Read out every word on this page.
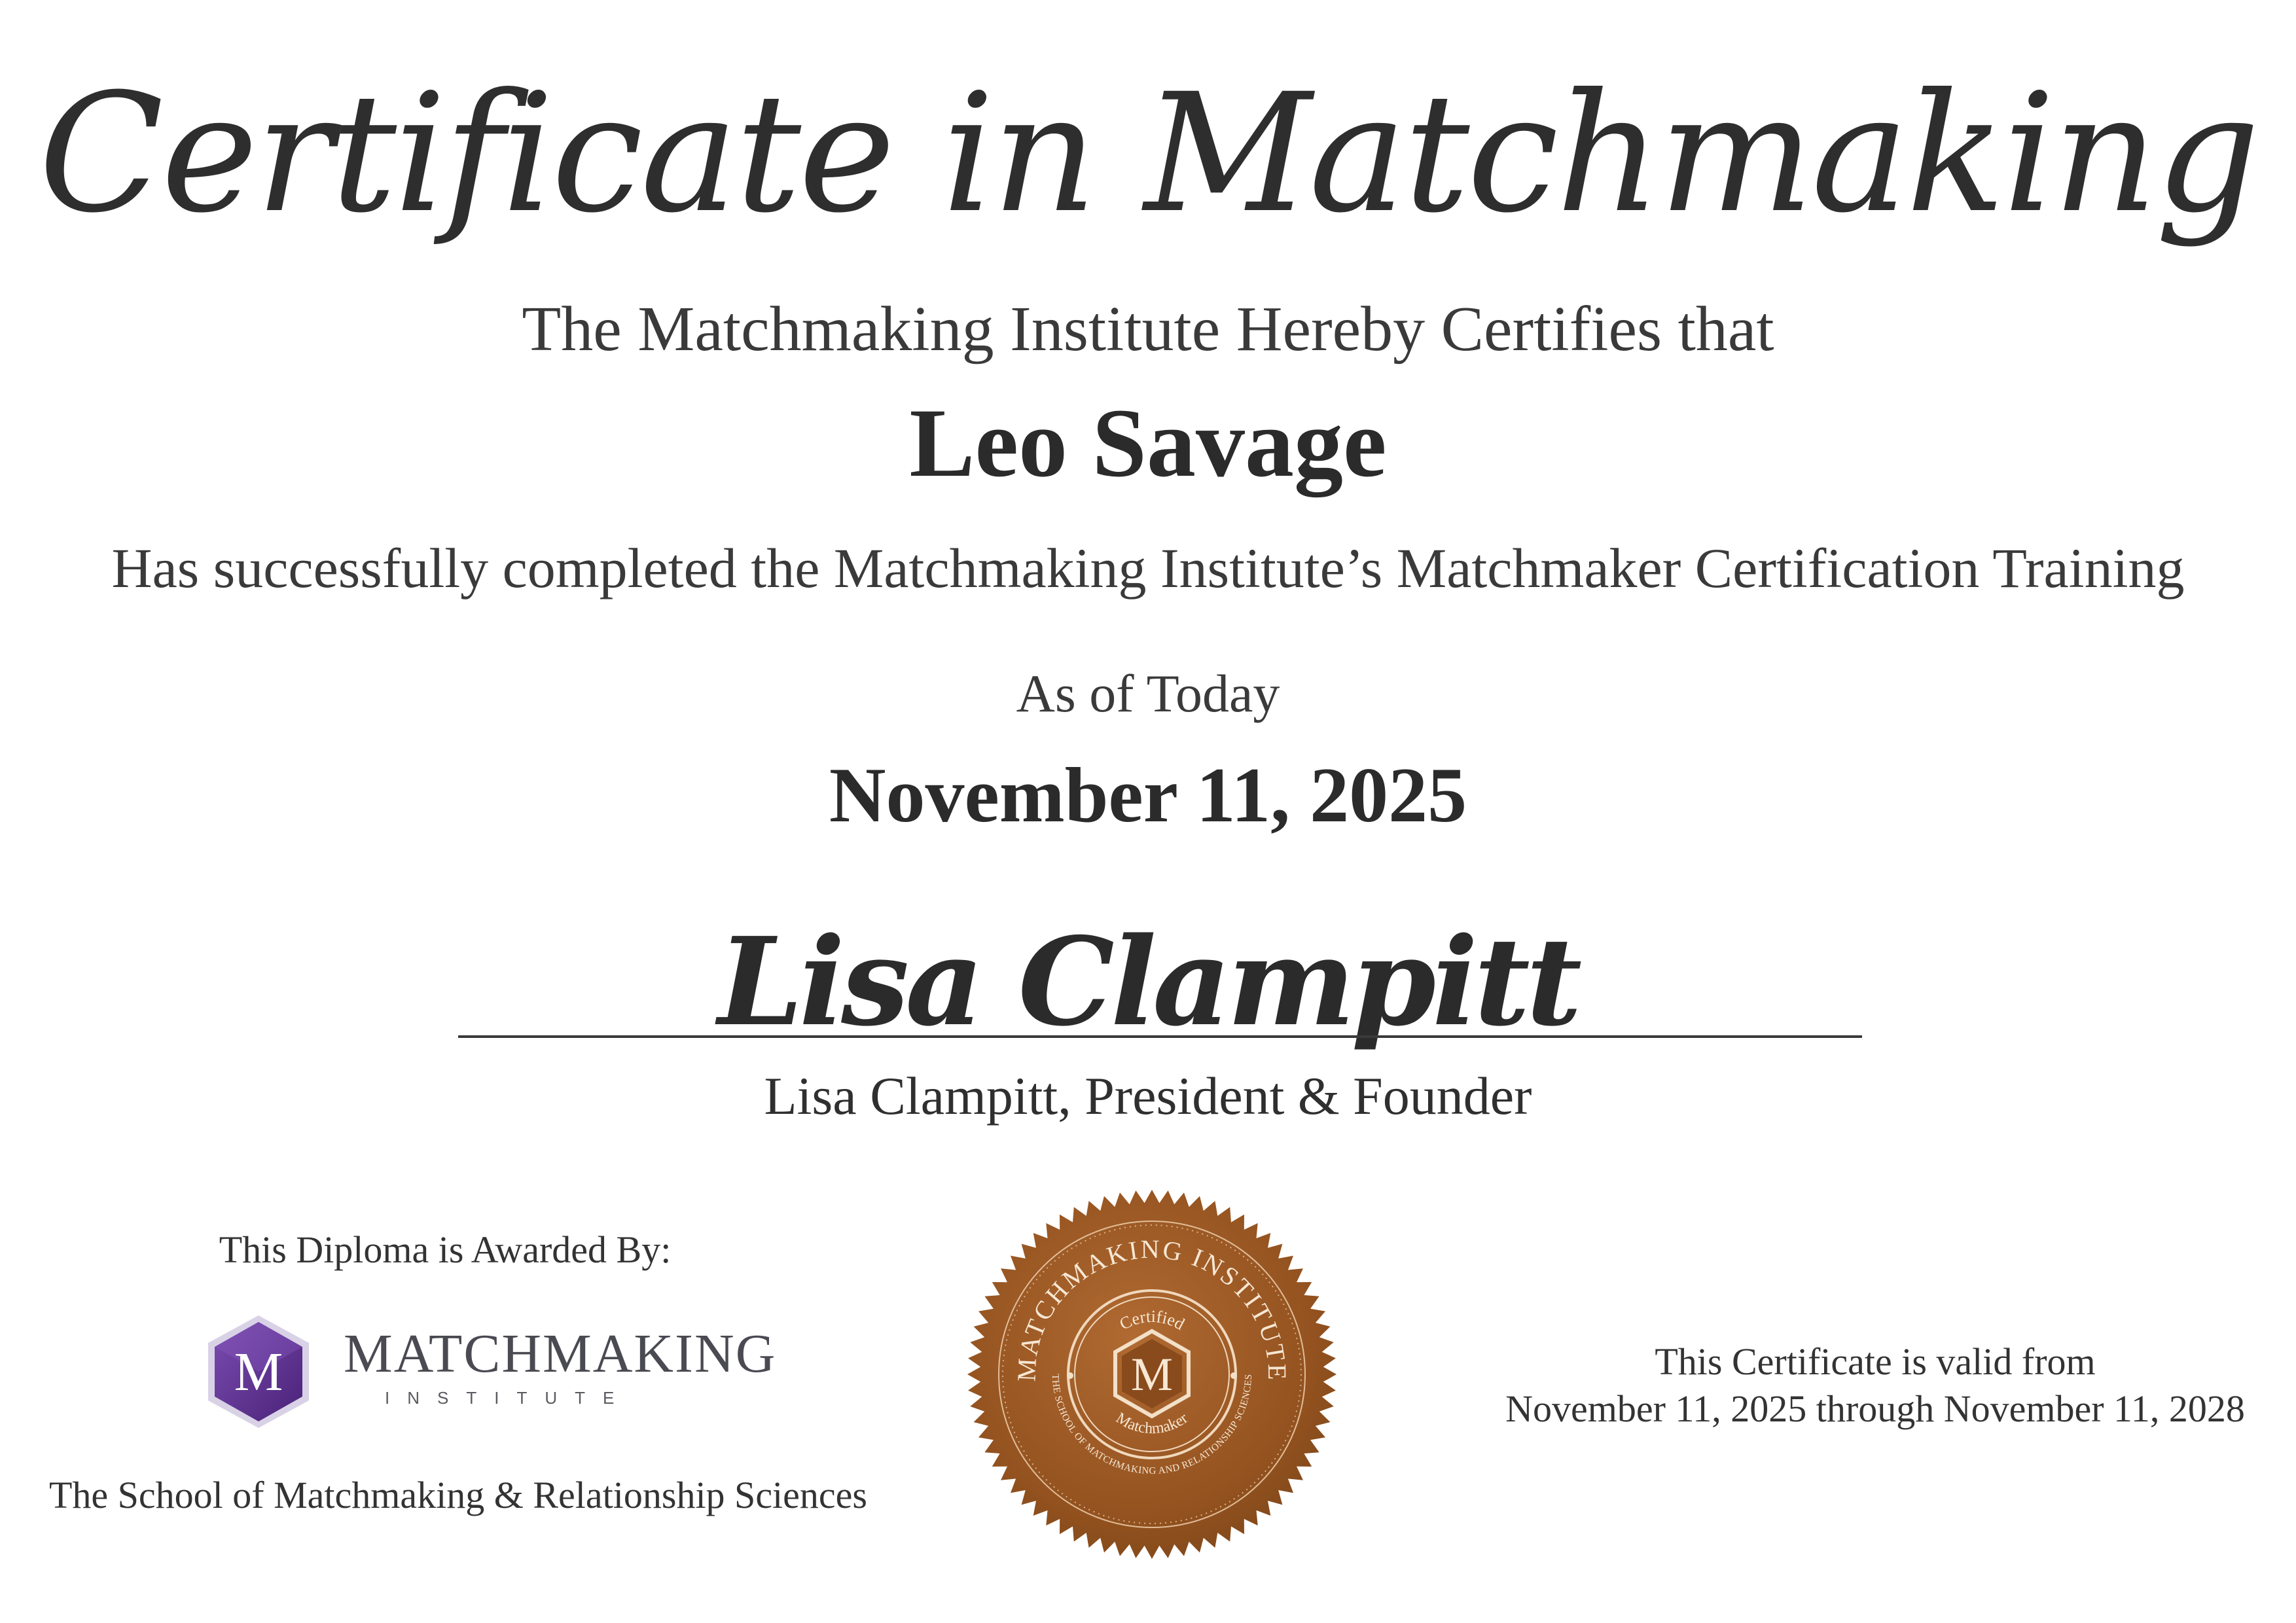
Certificate in Matchmaking
The Matchmaking Institute Hereby Certifies that
Leo Savage
Has successfully completed the Matchmaking Institute’s Matchmaker Certification Training
As of Today
November 11, 2025
Lisa Clampitt
Lisa Clampitt, President & Founder
This Diploma is Awarded By:
M MATCHMAKING
INSTITUTE
The School of Matchmaking & Relationship Sciences
MATCHMAKING INSTITUTE
THE SCHOOL OF MATCHMAKING AND RELATIONSHIP SCIENCES
Certified
Matchmaker
M	This Certificate is valid from
November 11, 2025 through November 11, 2028
